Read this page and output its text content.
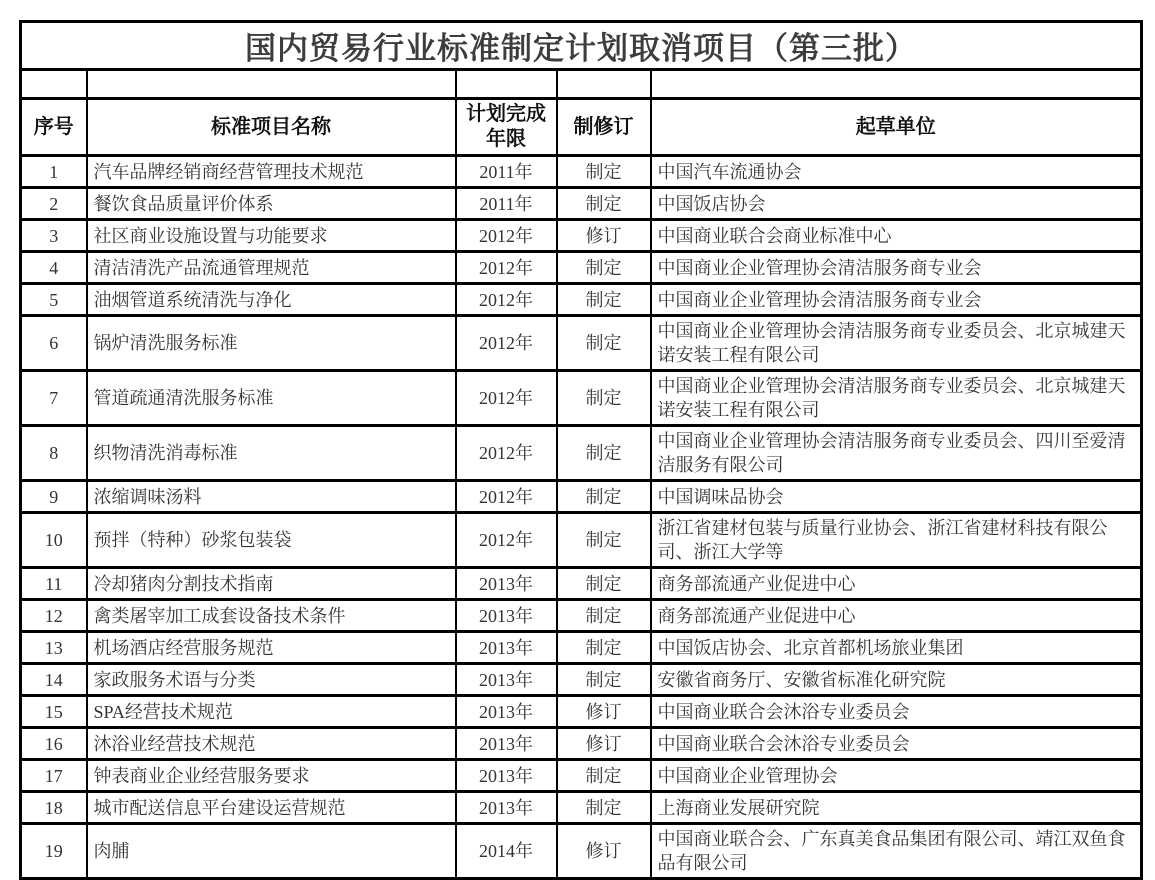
国内贸易行业标准制定计划取消项目（第三批）				

序号	标准项目名称	计划完成年限	制修订	起草单位
1	汽车品牌经销商经营管理技术规范	2011年	制定	中国汽车流通协会
2	餐饮食品质量评价体系	2011年	制定	中国饭店协会
3	社区商业设施设置与功能要求	2012年	修订	中国商业联合会商业标准中心
4	清洁清洗产品流通管理规范	2012年	制定	中国商业企业管理协会清洁服务商专业会
5	油烟管道系统清洗与净化	2012年	制定	中国商业企业管理协会清洁服务商专业会
6	锅炉清洗服务标准	2012年	制定	中国商业企业管理协会清洁服务商专业委员会、北京城建天诺安装工程有限公司
7	管道疏通清洗服务标准	2012年	制定	中国商业企业管理协会清洁服务商专业委员会、北京城建天诺安装工程有限公司
8	织物清洗消毒标准	2012年	制定	中国商业企业管理协会清洁服务商专业委员会、四川至爱清洁服务有限公司
9	浓缩调味汤料	2012年	制定	中国调味品协会
10	预拌（特种）砂浆包装袋	2012年	制定	浙江省建材包装与质量行业协会、浙江省建材科技有限公司、浙江大学等
11	冷却猪肉分割技术指南	2013年	制定	商务部流通产业促进中心
12	禽类屠宰加工成套设备技术条件	2013年	制定	商务部流通产业促进中心
13	机场酒店经营服务规范	2013年	制定	中国饭店协会、北京首都机场旅业集团
14	家政服务术语与分类	2013年	制定	安徽省商务厅、安徽省标准化研究院
15	SPA经营技术规范	2013年	修订	中国商业联合会沐浴专业委员会
16	沐浴业经营技术规范	2013年	修订	中国商业联合会沐浴专业委员会
17	钟表商业企业经营服务要求	2013年	制定	中国商业企业管理协会
18	城市配送信息平台建设运营规范	2013年	制定	上海商业发展研究院
19	肉脯	2014年	修订	中国商业联合会、广东真美食品集团有限公司、靖江双鱼食品有限公司
